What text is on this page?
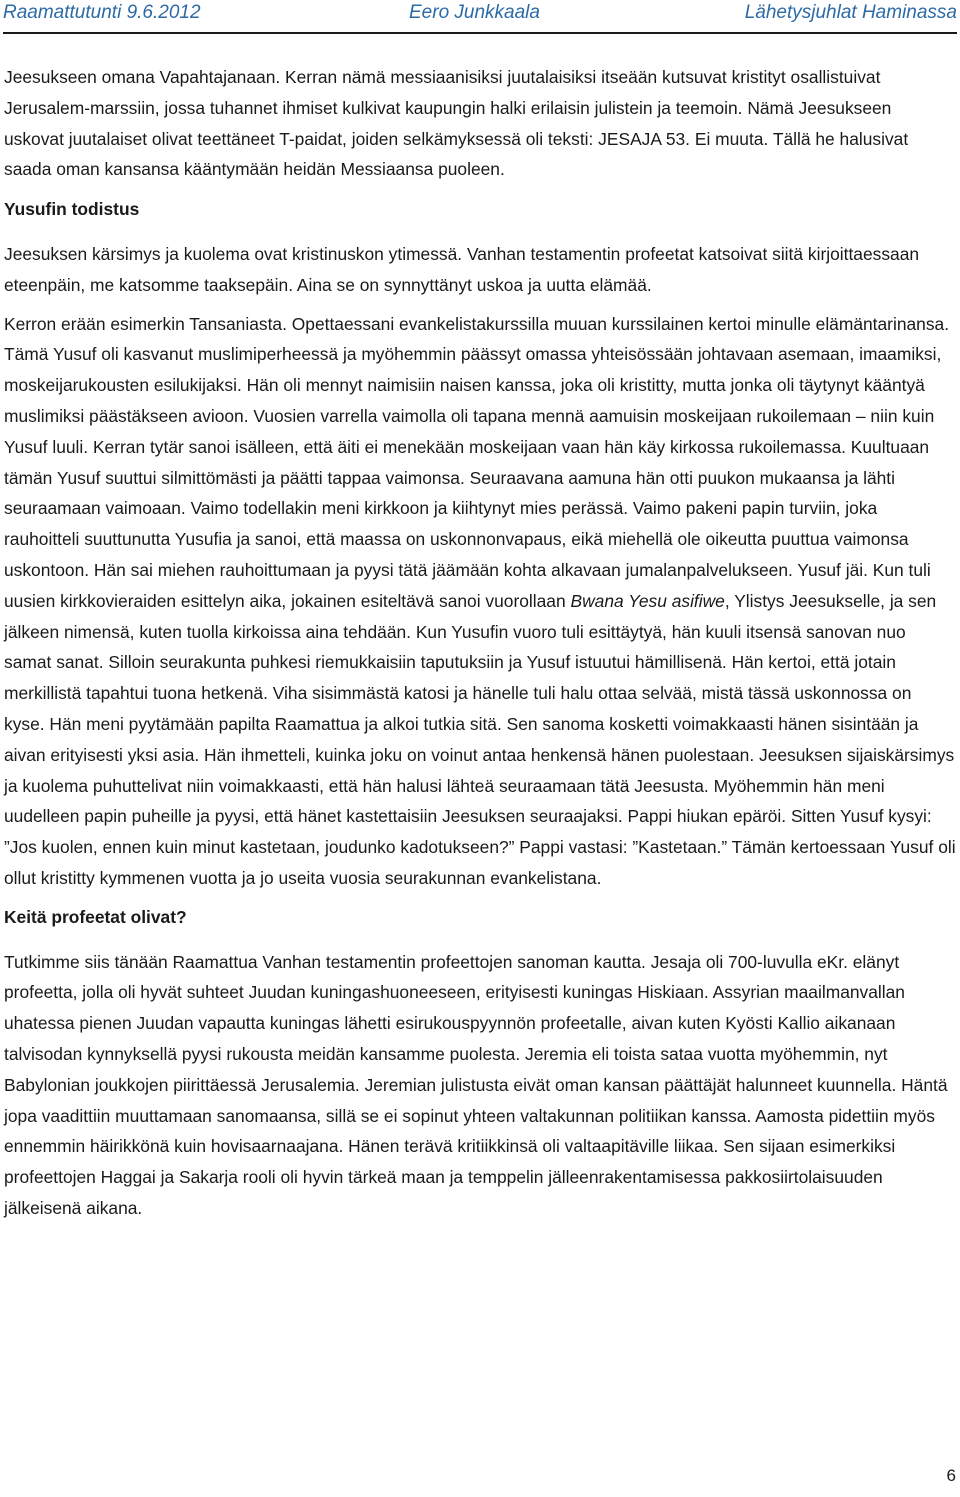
Raamattutunti 9.6.2012	Eero Junkkaala	Lähetysjuhlat Haminassa

Jeesukseen omana Vapahtajanaan. Kerran nämä messiaanisiksi juutalaisiksi itseään kutsuvat kristityt osallistuivat Jerusalem-marssiin, jossa tuhannet ihmiset kulkivat kaupungin halki erilaisin julistein ja teemoin. Nämä Jeesukseen uskovat juutalaiset olivat teettäneet T-paidat, joiden selkämyksessä oli teksti: JESAJA 53. Ei muuta. Tällä he halusivat saada oman kansansa kääntymään heidän Messiaansa puoleen.

Yusufin todistus

Jeesuksen kärsimys ja kuolema ovat kristinuskon ytimessä. Vanhan testamentin profeetat katsoivat siitä kirjoittaessaan eteenpäin, me katsomme taaksepäin. Aina se on synnyttänyt uskoa ja uutta elämää.

Kerron erään esimerkin Tansaniasta. Opettaessani evankelistakurssilla muuan kurssilainen kertoi minulle elämäntarinansa. Tämä Yusuf oli kasvanut muslimiperheessä ja myöhemmin päässyt omassa yhteisössään johtavaan asemaan, imaamiksi, moskeijarukousten esilukijaksi. Hän oli mennyt naimisiin naisen kanssa, joka oli kristitty, mutta jonka oli täytynyt kääntyä muslimiksi päästäkseen avioon. Vuosien varrella vaimolla oli tapana mennä aamuisin moskeijaan rukoilemaan – niin kuin Yusuf luuli. Kerran tytär sanoi isälleen, että äiti ei menekään moskeijaan vaan hän käy kirkossa rukoilemassa. Kuultuaan tämän Yusuf suuttui silmittömästi ja päätti tappaa vaimonsa. Seuraavana aamuna hän otti puukon mukaansa ja lähti seuraamaan vaimoaan. Vaimo todellakin meni kirkkoon ja kiihtynyt mies perässä. Vaimo pakeni papin turviin, joka rauhoitteli suuttunutta Yusufia ja sanoi, että maassa on uskonnonvapaus, eikä miehellä ole oikeutta puuttua vaimonsa uskontoon. Hän sai miehen rauhoittumaan ja pyysi tätä jäämään kohta alkavaan jumalanpalvelukseen. Yusuf jäi. Kun tuli uusien kirkkovieraiden esittelyn aika, jokainen esiteltävä sanoi vuorollaan Bwana Yesu asifiwe, Ylistys Jeesukselle, ja sen jälkeen nimensä, kuten tuolla kirkoissa aina tehdään. Kun Yusufin vuoro tuli esittäytyä, hän kuuli itsensä sanovan nuo samat sanat. Silloin seurakunta puhkesi riemukkaisiin taputuksiin ja Yusuf istuutui hämillisenä. Hän kertoi, että jotain merkillistä tapahtui tuona hetkenä. Viha sisimmästä katosi ja hänelle tuli halu ottaa selvää, mistä tässä uskonnossa on kyse. Hän meni pyytämään papilta Raamattua ja alkoi tutkia sitä. Sen sanoma kosketti voimakkaasti hänen sisintään ja aivan erityisesti yksi asia. Hän ihmetteli, kuinka joku on voinut antaa henkensä hänen puolestaan. Jeesuksen sijaiskärsimys ja kuolema puhuttelivat niin voimakkaasti, että hän halusi lähteä seuraamaan tätä Jeesusta. Myöhemmin hän meni uudelleen papin puheille ja pyysi, että hänet kastettaisiin Jeesuksen seuraajaksi. Pappi hiukan epäröi. Sitten Yusuf kysyi: ”Jos kuolen, ennen kuin minut kastetaan, joudunko kadotukseen?” Pappi vastasi: ”Kastetaan.” Tämän kertoessaan Yusuf oli ollut kristitty kymmenen vuotta ja jo useita vuosia seurakunnan evankelistana.

Keitä profeetat olivat?

Tutkimme siis tänään Raamattua Vanhan testamentin profeettojen sanoman kautta. Jesaja oli 700-luvulla eKr. elänyt profeetta, jolla oli hyvät suhteet Juudan kuningashuoneeseen, erityisesti kuningas Hiskiaan. Assyrian maailmanvallan uhatessa pienen Juudan vapautta kuningas lähetti esirukouspyynnön profeetalle, aivan kuten Kyösti Kallio aikanaan talvisodan kynnyksellä pyysi rukousta meidän kansamme puolesta. Jeremia eli toista sataa vuotta myöhemmin, nyt Babylonian joukkojen piirittäessä Jerusalemia. Jeremian julistusta eivät oman kansan päättäjät halunneet kuunnella. Häntä jopa vaadittiin muuttamaan sanomaansa, sillä se ei sopinut yhteen valtakunnan politiikan kanssa. Aamosta pidettiin myös ennemmin häirikkönä kuin hovisaarnaajana. Hänen terävä kritiikkinsä oli valtaapitäville liikaa. Sen sijaan esimerkiksi profeettojen Haggai ja Sakarja rooli oli hyvin tärkeä maan ja temppelin jälleenrakentamisessa pakkosiirtolaisuuden jälkeisenä aikana.

6
